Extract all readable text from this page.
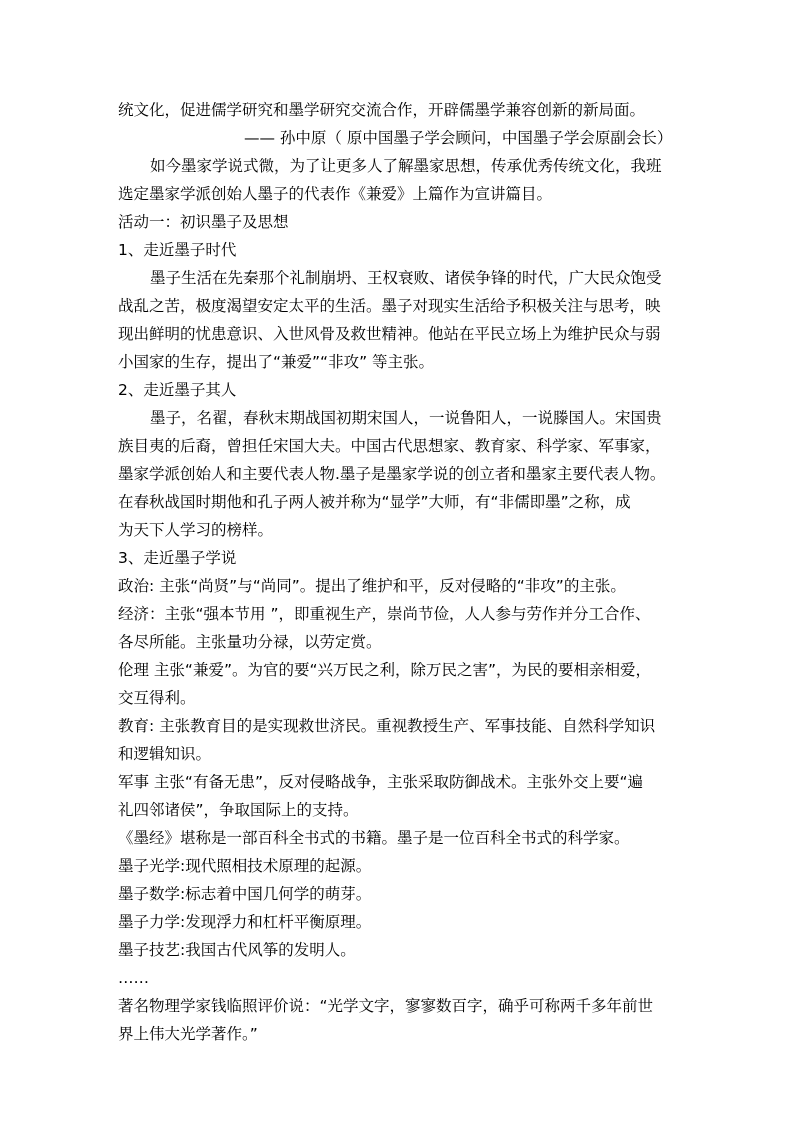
统文化，促进儒学研究和墨学研究交流合作，开辟儒墨学兼容创新的新局面。
—— 孙中原（ 原中国墨子学会顾问，中国墨子学会原副会长）
如今墨家学说式微，为了让更多人了解墨家思想，传承优秀传统文化，我班
选定墨家学派创始人墨子的代表作《兼爱》上篇作为宣讲篇目。
活动一：初识墨子及思想
1、走近墨子时代
墨子生活在先秦那个礼制崩坍、王权衰败、诸侯争锋的时代，广大民众饱受
战乱之苦，极度渴望安定太平的生活。墨子对现实生活给予积极关注与思考，映
现出鲜明的忧患意识、入世风骨及救世精神。他站在平民立场上为维护民众与弱
小国家的生存，提出了“兼爱”“非攻” 等主张。
2、走近墨子其人
墨子，名翟，春秋末期战国初期宋国人，一说鲁阳人，一说滕国人。宋国贵
族目夷的后裔，曾担任宋国大夫。中国古代思想家、教育家、科学家、军事家，
墨家学派创始人和主要代表人物.墨子是墨家学说的创立者和墨家主要代表人物。
在春秋战国时期他和孔子两人被并称为“显学”大师，有“非儒即墨”之称，成
为天下人学习的榜样。
3、走近墨子学说
政治: 主张“尚贤”与“尚同”。提出了维护和平，反对侵略的“非攻”的主张。
经济：主张“强本节用 ”，即重视生产，崇尚节俭，人人参与劳作并分工合作、
各尽所能。主张量功分禄，以劳定赏。
伦理 主张“兼爱”。为官的要“兴万民之利，除万民之害”，为民的要相亲相爱，
交互得利。
教育: 主张教育目的是实现救世济民。重视教授生产、军事技能、自然科学知识
和逻辑知识。
军事 主张“有备无患”，反对侵略战争，主张采取防御战术。主张外交上要“遍
礼四邻诸侯”，争取国际上的支持。
《墨经》堪称是一部百科全书式的书籍。墨子是一位百科全书式的科学家。
墨子光学:现代照相技术原理的起源。
墨子数学:标志着中国几何学的萌芽。
墨子力学:发现浮力和杠杆平衡原理。
墨子技艺:我国古代风筝的发明人。
……
著名物理学家钱临照评价说：“光学文字，寥寥数百字，确乎可称两千多年前世
界上伟大光学著作。”
